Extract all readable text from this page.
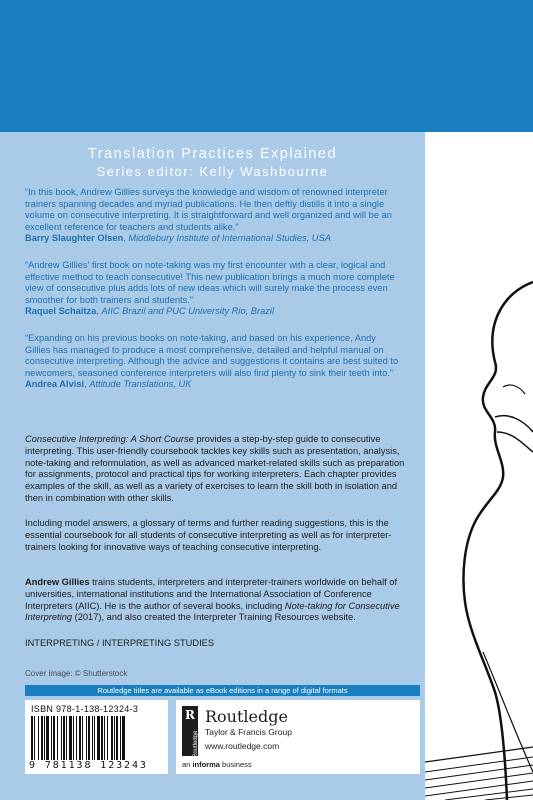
Translation Practices Explained
Series editor: Kelly Washbourne
“In this book, Andrew Gillies surveys the knowledge and wisdom of renowned interpreter trainers spanning decades and myriad publications. He then deftly distills it into a single volume on consecutive interpreting. It is straightforward and well organized and will be an excellent reference for teachers and students alike.”
Barry Slaughter Olsen, Middlebury Institute of International Studies, USA
“Andrew Gillies’ first book on note-taking was my first encounter with a clear, logical and effective method to teach consecutive! This new publication brings a much more complete view of consecutive plus adds lots of new ideas which will surely make the process even smoother for both trainers and students.”
Raquel Schaitza, AIIC Brazil and PUC University Rio, Brazil
“Expanding on his previous books on note-taking, and based on his experience, Andy Gillies has managed to produce a most comprehensive, detailed and helpful manual on consecutive interpreting. Although the advice and suggestions it contains are best suited to newcomers, seasoned conference interpreters will also find plenty to sink their teeth into.”
Andrea Alvisi, Attitude Translations, UK
Consecutive Interpreting: A Short Course provides a step-by-step guide to consecutive interpreting. This user-friendly coursebook tackles key skills such as presentation, analysis, note-taking and reformulation, as well as advanced market-related skills such as preparation for assignments, protocol and practical tips for working interpreters. Each chapter provides examples of the skill, as well as a variety of exercises to learn the skill both in isolation and then in combination with other skills.
Including model answers, a glossary of terms and further reading suggestions, this is the essential coursebook for all students of consecutive interpreting as well as for interpreter-trainers looking for innovative ways of teaching consecutive interpreting.
Andrew Gillies trains students, interpreters and interpreter-trainers worldwide on behalf of universities, international institutions and the International Association of Conference Interpreters (AIIC). He is the author of several books, including Note-taking for Consecutive Interpreting (2017), and also created the Interpreter Training Resources website.
INTERPRETING / INTERPRETING STUDIES
Cover image: © Shutterstock
Routledge titles are available as eBook editions in a range of digital formats
ISBN 978-1-138-12324-3
9 781138 123243
R
Routledge
Routledge
Taylor & Francis Group
www.routledge.com
an informa business
